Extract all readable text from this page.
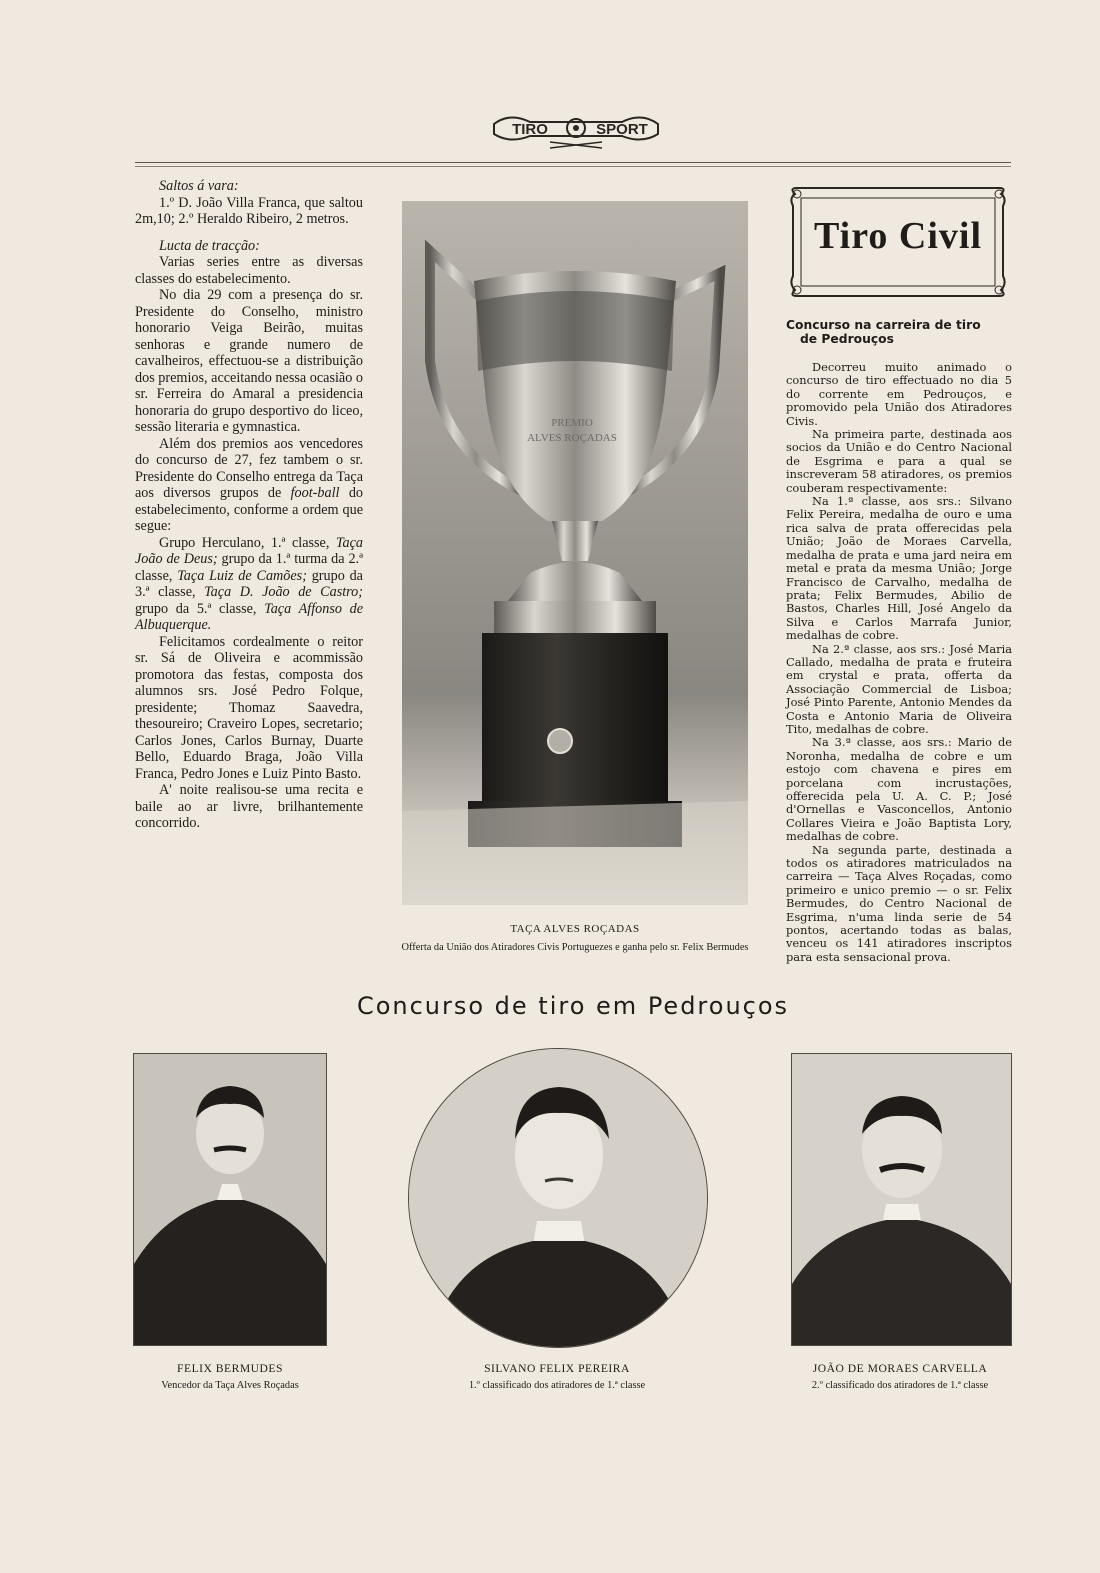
TIRO	SPORT

Saltos á vara:

1.º D. João Villa Franca, que saltou 2m,10; 2.º Heraldo Ribeiro, 2 metros.

Lucta de tracção:

Varias series entre as diversas classes do estabelecimento.

No dia 29 com a presença do sr. Presidente do Conselho, ministro honorario Veiga Beirão, muitas senhoras e grande numero de cavalheiros, effectuou-se a distribuição dos premios, acceitando nessa ocasião o sr. Ferreira do Amaral a presidencia honoraria do grupo desportivo do liceo, sessão literaria e gymnastica.

Além dos premios aos vencedores do concurso de 27, fez tambem o sr. Presidente do Conselho entrega da Taça aos diversos grupos de foot-ball do estabelecimento, conforme a ordem que segue:

Grupo Herculano, 1.ª classe, Taça João de Deus; grupo da 1.ª turma da 2.ª classe, Taça Luiz de Camões; grupo da 3.ª classe, Taça D. João de Castro; grupo da 5.ª classe, Taça Affonso de Albuquerque.

Felicitamos cordealmente o reitor sr. Sá de Oliveira e acommissão promotora das festas, composta dos alumnos srs. José Pedro Folque, presidente; Thomaz Saavedra, thesoureiro; Craveiro Lopes, secretario; Carlos Jones, Carlos Burnay, Duarte Bello, Eduardo Braga, João Villa Franca, Pedro Jones e Luiz Pinto Basto.

A' noite realisou-se uma recita e baile ao ar livre, brilhantemente concorrido.

PREMIO
ALVES ROÇADAS
TAÇA ALVES ROÇADAS
Offerta da União dos Atiradores Civis Portuguezes e ganha pelo sr. Felix Bermudes
Tiro Civil
Concurso na carreira de tiro
de Pedrouços

Decorreu muito animado o concurso de tiro effectuado no dia 5 do corrente em Pedrouços, e promovido pela União dos Atiradores Civis.

Na primeira parte, destinada aos socios da União e do Centro Nacional de Esgrima e para a qual se inscreveram 58 atiradores, os premios couberam respectivamente:

Na 1.ª classe, aos srs.: Silvano Felix Pereira, medalha de ouro e uma rica salva de prata offerecidas pela União; João de Moraes Carvella, medalha de prata e uma jard neira em metal e prata da mesma União; Jorge Francisco de Carvalho, medalha de prata; Felix Bermudes, Abilio de Bastos, Charles Hill, José Angelo da Silva e Carlos Marrafa Junior, medalhas de cobre.

Na 2.ª classe, aos srs.: José Maria Callado, medalha de prata e fruteira em crystal e prata, offerta da Associação Commercial de Lisboa; José Pinto Parente, Antonio Mendes da Costa e Antonio Maria de Oliveira Tito, medalhas de cobre.

Na 3.ª classe, aos srs.: Mario de Noronha, medalha de cobre e um estojo com chavena e pires em porcelana com incrustações, offerecida pela U. A. C. P.; José d'Ornellas e Vasconcellos, Antonio Collares Vieira e João Baptista Lory, medalhas de cobre.

Na segunda parte, destinada a todos os atiradores matriculados na carreira — Taça Alves Roçadas, como primeiro e unico premio — o sr. Felix Bermudes, do Centro Nacional de Esgrima, n'uma linda serie de 54 pontos, acertando todas as balas, venceu os 141 atiradores inscriptos para esta sensacional prova.

Concurso de tiro em Pedrouços
FELIX BERMUDES
Vencedor da Taça Alves Roçadas
SILVANO FELIX PEREIRA
1.º classificado dos atiradores de 1.ª classe
JOÃO DE MORAES CARVELLA
2.º classificado dos atiradores de 1.ª classe
